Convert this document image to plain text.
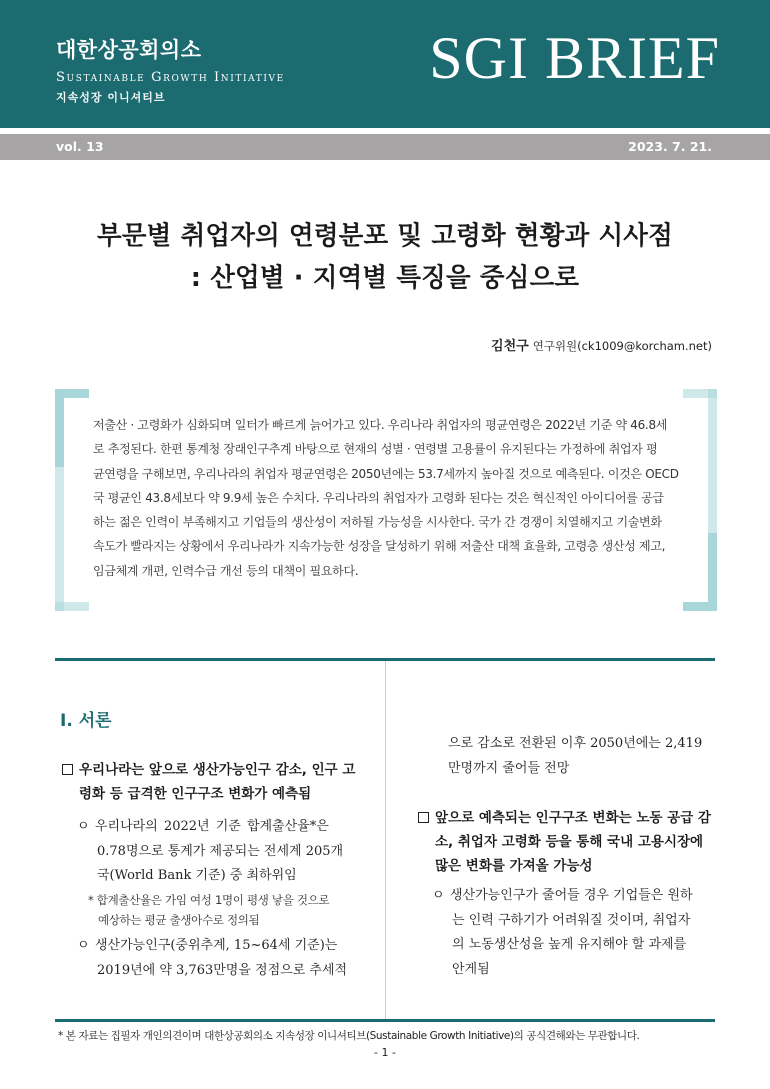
대한상공회의소
Sustainable Growth Initiative
지속성장 이니셔티브
SGI BRIEF
vol. 13	2023. 7. 21.
부문별 취업자의 연령분포 및 고령화 현황과 시사점
: 산업별 · 지역별 특징을 중심으로
김천구 연구위원(ck1009@korcham.net)
저출산 · 고령화가 심화되며 일터가 빠르게 늙어가고 있다. 우리나라 취업자의 평균연령은 2022년 기준 약 46.8세
로 추정된다. 한편 통계청 장래인구추계 바탕으로 현재의 성별 · 연령별 고용률이 유지된다는 가정하에 취업자 평
균연령을 구해보면, 우리나라의 취업자 평균연령은 2050년에는 53.7세까지 높아질 것으로 예측된다. 이것은 OECD
국 평균인 43.8세보다 약 9.9세 높은 수치다. 우리나라의 취업자가 고령화 된다는 것은 혁신적인 아이디어를 공급
하는 젊은 인력이 부족해지고 기업들의 생산성이 저하될 가능성을 시사한다. 국가 간 경쟁이 치열해지고 기술변화
속도가 빨라지는 상황에서 우리나라가 지속가능한 성장을 달성하기 위해 저출산 대책 효율화, 고령층 생산성 제고,
임금체계 개편, 인력수급 개선 등의 대책이 필요하다.
Ⅰ. 서론
우리나라는 앞으로 생산가능인구 감소, 인구 고
령화 등 급격한 인구구조 변화가 예측됨
ㅇ 우리나라의 2022년 기준 합계출산율*은
0.78명으로 통계가 제공되는 전세계 205개
국(World Bank 기준) 중 최하위임
* 합계출산율은 가임 여성 1명이 평생 낳을 것으로
예상하는 평균 출생아수로 정의됨
ㅇ 생산가능인구(중위추계, 15~64세 기준)는
2019년에 약 3,763만명을 정점으로 추세적
으로 감소로 전환된 이후 2050년에는 2,419
만명까지 줄어들 전망
앞으로 예측되는 인구구조 변화는 노동 공급 감
소, 취업자 고령화 등을 통해 국내 고용시장에
많은 변화를 가져올 가능성
ㅇ 생산가능인구가 줄어들 경우 기업들은 원하
는 인력 구하기가 어려워질 것이며, 취업자
의 노동생산성을 높게 유지해야 할 과제를
안게됨
* 본 자료는 집필자 개인의견이며 대한상공회의소 지속성장 이니셔티브(Sustainable Growth Initiative)의 공식견해와는 무관합니다.
- 1 -
